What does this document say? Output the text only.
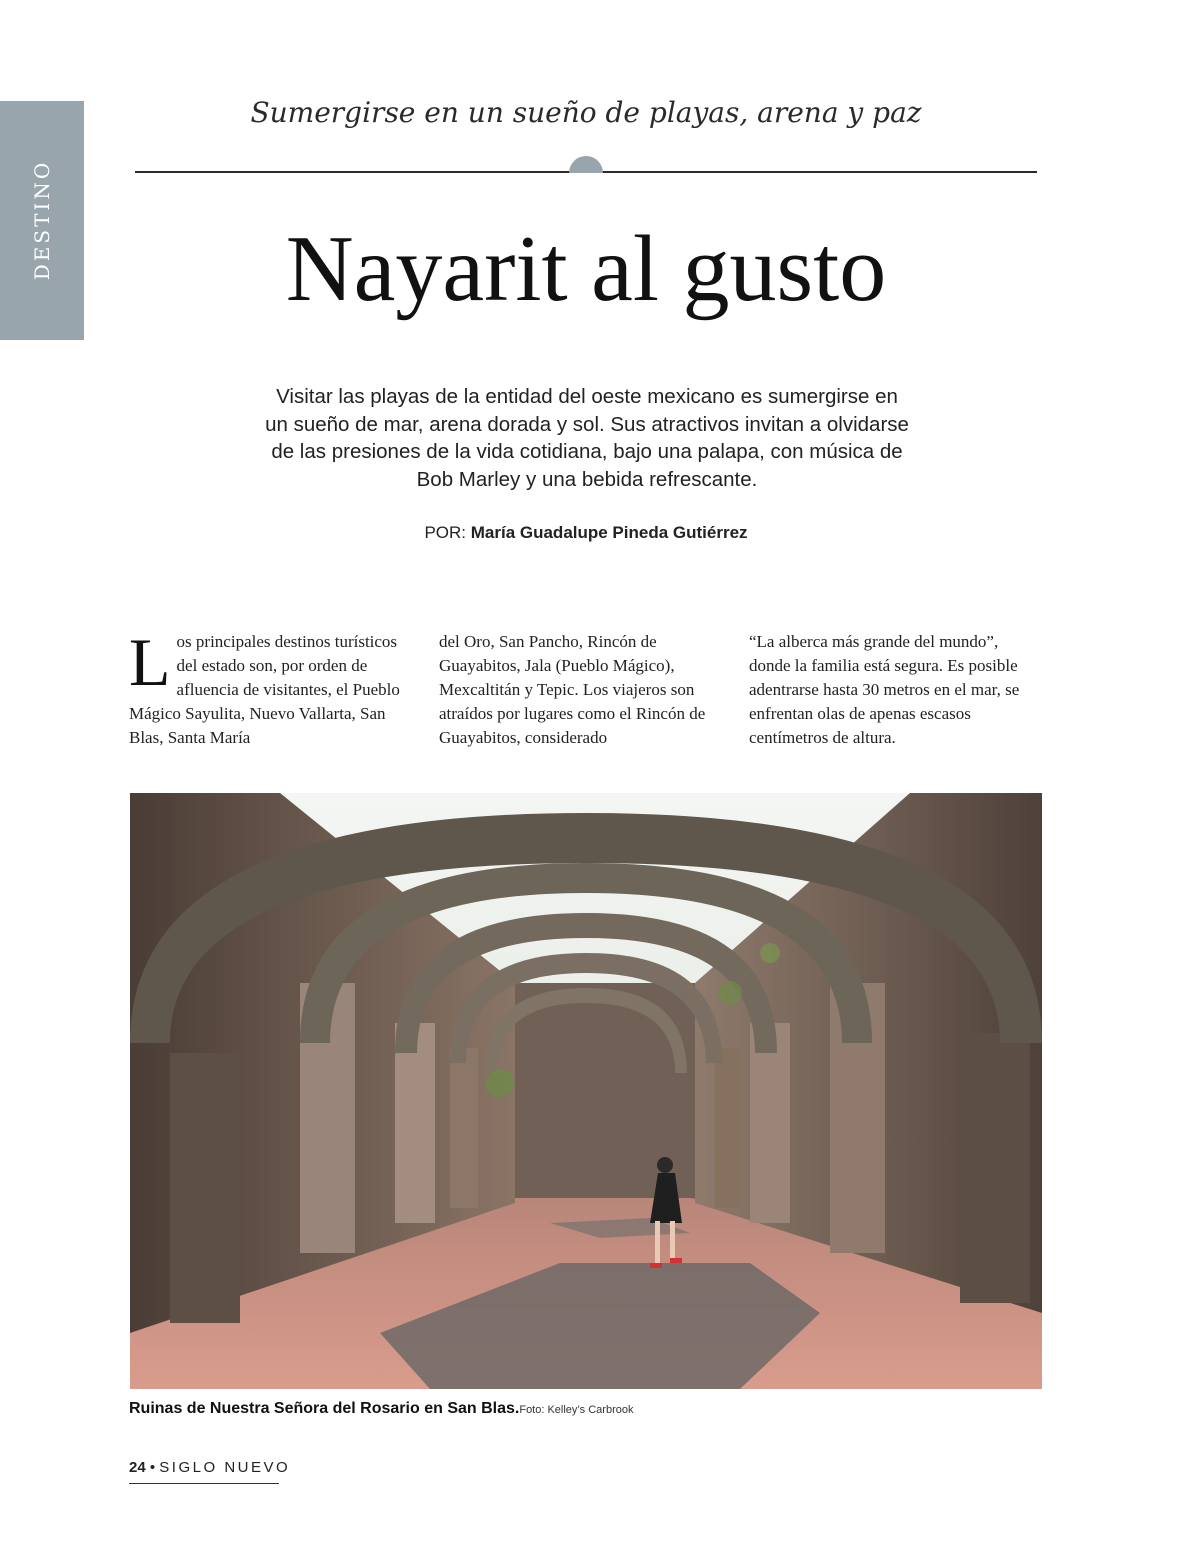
DESTINO
Sumergirse en un sueño de playas, arena y paz
Nayarit al gusto
Visitar las playas de la entidad del oeste mexicano es sumergirse en un sueño de mar, arena dorada y sol. Sus atractivos invitan a olvidarse de las presiones de la vida cotidiana, bajo una palapa, con música de Bob Marley y una bebida refrescante.
POR: María Guadalupe Pineda Gutiérrez

Los principales destinos turísticos del estado son, por orden de afluencia de visitantes, el Pueblo Mágico Sayulita, Nuevo Vallarta, San Blas, Santa María

del Oro, San Pancho, Rincón de Guayabitos, Jala (Pueblo Mágico), Mexcaltitán y Tepic. Los viajeros son atraídos por lugares como el Rincón de Guayabitos, considerado

“La alberca más grande del mundo”, donde la familia está segura. Es posible adentrarse hasta 30 metros en el mar, se enfrentan olas de apenas escasos centímetros de altura.

Ruinas de Nuestra Señora del Rosario en San Blas.Foto: Kelley’s Carbrook
24 • SIGLO NUEVO
